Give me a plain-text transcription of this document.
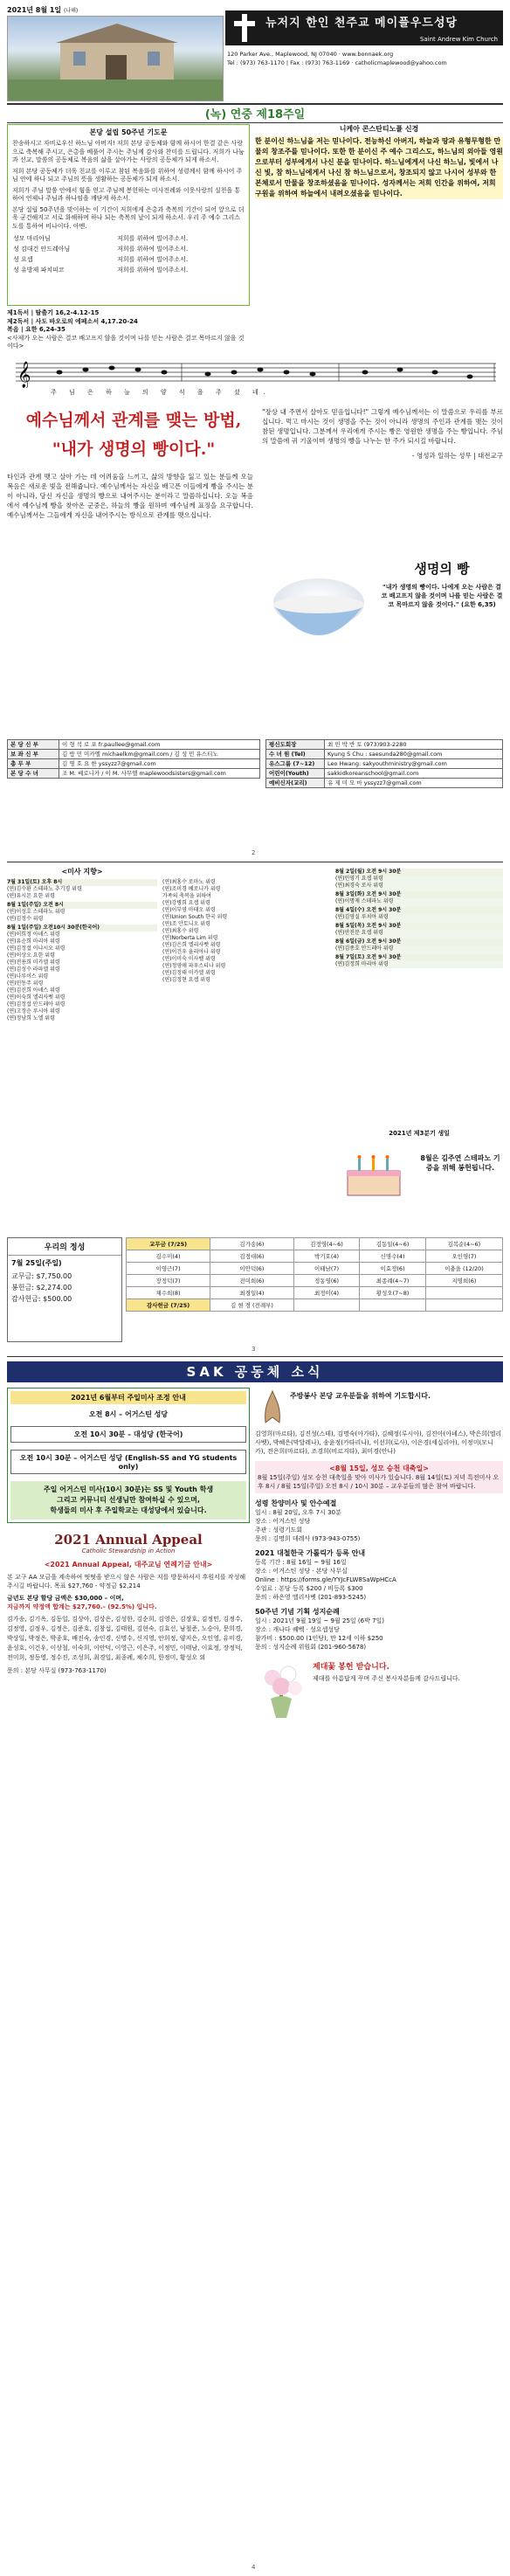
2021년 8월 1일 (나해)
뉴저지 한인 천주교 메이플우드성당
Saint Andrew Kim Church
120 Parker Ave., Maplewood, NJ 07040 · www.bonnaek.org
Tel : (973) 763-1170 | Fax : (973) 763-1169 · catholicmaplewood@yahoo.com
(녹) 연중 제18주일
본당 설립 50주년 기도문

찬송하시고 자비로우신 하느님 아버지! 저희 본당 공동체와 함께 하시어 한결 같은 사랑으로 축복해 주시고, 은총을 베풀어 주시는 주님께 감사와 찬미를 드립니다. 저희가 나눔과 선교, 말씀의 공동체로 복음의 삶을 살아가는 사랑의 공동체가 되게 하소서.

저희 본당 공동체가 더욱 친교를 이루고 참된 복음화를 위하여 성령께서 함께 하시어 주님 안에 하나 되고 주님의 뜻을 생활하는 공동체가 되게 하소서.

저희가 주님 말씀 안에서 힘을 얻고 주님께 봉헌하는 미사전례와 이웃사랑의 실천을 통하여 언제나 주님과 하나임을 깨닫게 하소서.

본당 설립 50주년을 맞이하는 이 기간이 저희에게 은총과 축복의 기간이 되어 앞으로 더욱 굳건해지고 서로 화해하며 하나 되는 축복의 날이 되게 하소서. 우리 주 예수 그리스도를 통하여 비나이다. 아멘.

성모 마리아님	저희를 위하여 빌어주소서.
성 김대건 안드레아님	저희를 위하여 빌어주소서.
성 요셉	저희를 위하여 빌어주소서.
성 유방제 파치피코	저희를 위하여 빌어주소서.
제1독서 | 탈출기 16,2-4.12-15
제2독서 | 사도 바오로의 에페소서 4,17.20-24
복음 | 요한 6,24-35
<사제가 오는 사람은 결코 배고프지 않을 것이며 나를 믿는 사람은 결코 목마르지 않을 것이다>
니케아 콘스탄티노플 신경
한 분이신 하느님을 저는 믿나이다. 전능하신 아버지, 하늘과 땅과 유형무형한 만물의 창조주를 믿나이다. 또한 한 분이신 주 예수 그리스도, 하느님의 외아들 영원으로부터 성부에게서 나신 분을 믿나이다. 하느님에게서 나신 하느님, 빛에서 나신 빛, 참 하느님에게서 나신 참 하느님으로서, 창조되지 않고 나시어 성부와 한 본체로서 만물을 창조하셨음을 믿나이다. 성자께서는 저희 인간을 위하여, 저희 구원을 위하여 하늘에서 내려오셨음을 믿나이다.
𝄞
주 님 은 하 늘 의 양 식 을 주 셨 네.
예수님께서 관계를 맺는 방법,
"내가 생명의 빵이다."
타인과 관계 맺고 살아 가는 데 어려움을 느끼고, 삶의 방향을 잃고 있는 분들께 오늘 복음은 새로운 빛을 전해줍니다. 예수님께서는 자신을 배고픈 이들에게 빵을 주시는 분이 아니라, 당신 자신을 생명의 빵으로 내어주시는 분이라고 말씀하십니다. 오늘 복음에서 예수님께 빵을 찾아온 군중은, 하늘의 빵을 원하며 예수님께 표징을 요구합니다. 예수님께서는 그들에게 자신을 내어주시는 방식으로 관계를 맺으십니다.
"장상 내 주면서 살아도 믿음입니다!" 그렇게 예수님께서는 이 말씀으로 우리를 부르십니다. 먹고 마시는 것이 생명을 주는 것이 아니라 생명의 주인과 관계를 맺는 것이 참된 생명입니다. 그분께서 우리에게 주시는 빵은 영원한 생명을 주는 빵입니다. 주님의 말씀에 귀 기울이며 생명의 빵을 나누는 한 주가 되시길 바랍니다.
- 영성과 일하는 성무 | 대전교구
생명의 빵
"내가 생명의 빵이다. 나에게 오는 사람은 결코 배고프지 않을 것이며 나를 믿는 사람은 결코 목마르지 않을 것이다." (요한 6,35)
본 당 신 부	이 형 석 로 포 fr.paullee@gmail.com
보 좌 신 부	김 방 민 미카엘 michaelkm@gmail.com / 김 성 민 유스티노
총 무 부	김 명 호 요 한 yssyzz7@gmail.com
본 당 수 녀	조 M. 베로니카 / 이 M. 사무엘 maplewoodsisters@gmail.com
평신도회장	최 민 박 반 토 (973)903-2280
수 녀 원 (Tel)	Kyung S Chu : saesunda280@gmail.com
유스그룹 (7~12)	Leo Hwang: sakyouthministry@gmail.com
어린이(Youth)	sakkidkoreanschool@gmail.com
예비신자(교리)	유 제 미 모 마 yssyzz7@gmail.com
2
<미사 지향>
7월 31일(토) 오후 8시
(연)김수환 스테파노 추기경 위령
(연)유시몬 요한 위령
8월 1일(주일) 오전 8시
(연)이성호 스테파노 위령
(연)김정수 위령
8월 1일(주일) 오전10시 30분(한국어)
(연)이희정 아녜스 위령
(연)유순희 마리아 위령
(연)김정섭 이냐시오 위령
(연)이상오 요한 위령
(연)전용희 미카엘 위령
(연)김성수 라파엘 위령
(연)나루이스 위령
(연)민동주 위령
(연)김선희 아녜스 위령
(연)이숙희 엘리사벳 위령
(연)김정섭 안드레아 위령
(연)고정순 루시아 위령
(연)정남희 노엘 위령
(연)최홍수 로마노 위령
(연)조미경 베로니카 위령
가족의 축복을 위하여
(연)강병희 요셉 위령
(연)이부영 마태오 위령
(연)Union South 한국 위령
(연)조 안토니오 위령
(연)최홍수 위령
(연)Norberta Lim 위령
(연)김은희 엘리사벳 위령
(연)이건우 율리아나 위령
(연)이미숙 이사벨 위령
(연)정영애 파우스티나 위령
(연)김정태 미카엘 위령
(연)김정현 요셉 위령
8월 2일(월) 오전 9시 30분
(연)민영기 요셉 위령
(연)최경숙 로사 위령
8월 3일(화) 오전 9시 30분
(연)이명재 스테파노 위령
8월 4일(수) 오전 9시 30분
(연)김영실 루치아 위령
8월 5일(목) 오전 9시 30분
(연)안진문 요셉 위령
8월 6일(금) 오전 9시 30분
(연)김종호 안드레아 위령
8월 7일(토) 오전 9시 30분
(연)김정희 마리아 위령
2021년 제3분기 생일
8월은 김주연 스테파노 기증을 위해 봉헌됩니다.
우리의 정성
7월 25일(주일)
교무금: $7,750.00
봉헌금: $2,274.00
감사헌금: $500.00
교무금 (7/25)	김가송(6)	김정영(4~6)	김동일(4~6)	김복순(4~6)
김수미(4)	김정대(6)	박기호(4)	신명수(4)	오인영(7)
이영근(7)	이안덕(6)	이태남(7)	이효정(6)	이충을 (12/20)
장정덕(7)	전미희(6)	정동영(6)	최종례(4~7)	지명희(6)
채수희(8)	최경일(4)	최정미(4)	황성오(7~8)	
감사헌금 (7/25)	김 현 경 (전례부)			
3
SAK 공동체 소식
2021년 6월부터 주일미사 조정 안내
오전 8시 – 어거스틴 성당
오전 10시 30분 – 대성당 (한국어)
오전 10시 30분 – 어거스틴 성당 (English-SS and YG students only)
주일 어거스틴 미사(10시 30분)는 SS 및 Youth 학생
그리고 커뮤니티 선생님만 참여하실 수 있으며,
학생들의 미사 후 주일학교는 대성당에서 있습니다.
2021 Annual Appeal
Catholic Stewardship in Action
<2021 Annual Appeal, 대주교님 연례기금 안내>
본 교구 AA 모금을 계속하여 떳떳을 받으시 않은 사람은 저를 방문하셔서 후원서를 작성해 주시길 바랍니다. 목표 $27,760 - 약정금 $2,214
금년도 본당 할당 금액은 $30,000 – 이며,
지금까지 약정액 합계는 $27,760.– (92.5%) 입니다.
김가송, 김기옥, 김동일, 김상아, 김상은, 김성한, 김순희, 김영은, 김장호, 김정민, 김정수, 김정영, 김정우, 김정은, 김준호, 김창섭, 김태원, 김현숙, 김효선, 남철준, 노승아, 문희경, 박상일, 박정은, 박종호, 배진숙, 송인경, 신명수, 신지영, 안희정, 양지은, 오인영, 유미경, 윤성호, 이건우, 이상철, 이숙희, 이안덕, 이영근, 이은주, 이정민, 이태남, 이효정, 장정덕, 전미희, 정동영, 정수진, 조성희, 최경일, 최종례, 채수희, 한정미, 황성오 외
문의 : 본당 사무실 (973-763-1170)
주방봉사 본당 교우분들을 위하여 기도합시다.
김영희(마르타), 김진성(스테), 김명숙(아가타), 김혜정(루시아), 김진아(아녜스), 박은희(엘리사벳), 박혜은(막달레나), 송윤정(카타리나), 이선희(로사), 이은경(세실리아), 이정미(모니카), 전은희(마르타), 조경희(비르지타), 최미경(안나)
<8월 15일, 성모 승천 대축일>
8월 15일(주일) 성모 승천 대축일을 맞아 미사가 있습니다. 8월 14일(토) 저녁 특전미사 오후 8시 / 8월 15일(주일) 오전 8시 / 10시 30분 – 교우분들의 많은 참여 바랍니다.
성령 찬양미사 및 안수예절
일시 : 8월 20일, 오후 7시 30분
장소 : 어거스틴 성당
주관 : 성령기도회
문의 : 김명희 데레사 (973-943-0755)
2021 대철한국 가톨릭가 등록 안내
등록 기간 : 8월 16일 ~ 9월 16일
장소 : 어거스틴 성당 · 본당 사무실
Online : https://forms.gle/YYJcFLW8SaWpHCcA
수업료 : 본당 등록 $200 / 비등록 $300
문의 : 하은영 엘리사벳 (201-893-5245)
50주년 기념 기획 성지순례
일시 : 2021년 9월 19일 ~ 9월 25일 (6박 7일)
장소 : 캐나다 퀘벡 · 성요셉성당
참가비 : $500.00 (1인당), 만 12세 이하 $250
문의 : 성지순례 위원회 (201-960-5678)
제대꽃 봉헌 받습니다.
제대를 아름답게 꾸며 주신 봉사자분들께 감사드립니다.
4
